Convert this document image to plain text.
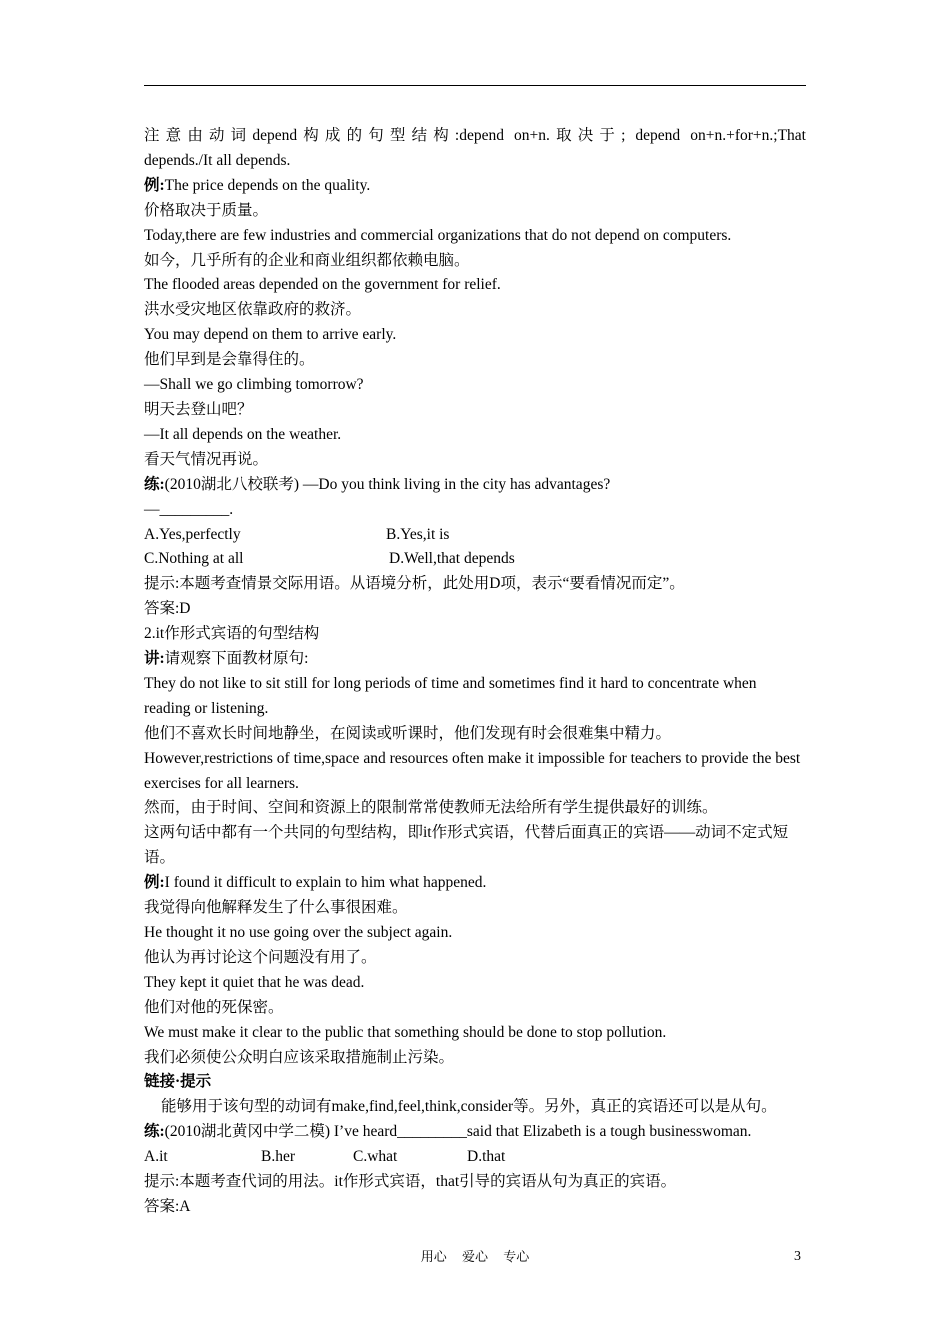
注意由动词depend构成的句型结构:depend on+n.取决于; depend on+n.+for+n.;That

depends./It all depends.

例:The price depends on the quality.

价格取决于质量。

Today,there are few industries and commercial organizations that do not depend on computers.

如今，几乎所有的企业和商业组织都依赖电脑。

The flooded areas depended on the government for relief.

洪水受灾地区依靠政府的救济。

You may depend on them to arrive early.

他们早到是会靠得住的。

—Shall we go climbing tomorrow?

明天去登山吧？

—It all depends on the weather.

看天气情况再说。

练:(2010湖北八校联考) —Do you think living in the city has advantages?

—_________.

A.Yes,perfectly	B.Yes,it is

C.Nothing at all	D.Well,that depends

提示:本题考查情景交际用语。从语境分析，此处用D项，表示“要看情况而定”。

答案:D

2.it作形式宾语的句型结构

讲:请观察下面教材原句:

They do not like to sit still for long periods of time and sometimes find it hard to concentrate when reading or listening.

他们不喜欢长时间地静坐，在阅读或听课时，他们发现有时会很难集中精力。

However,restrictions of time,space and resources often make it impossible for teachers to provide the best exercises for all learners.

然而，由于时间、空间和资源上的限制常常使教师无法给所有学生提供最好的训练。

这两句话中都有一个共同的句型结构，即it作形式宾语，代替后面真正的宾语——动词不定式短语。

例:I found it difficult to explain to him what happened.

我觉得向他解释发生了什么事很困难。

He thought it no use going over the subject again.

他认为再讨论这个问题没有用了。

They kept it quiet that he was dead.

他们对他的死保密。

We must make it clear to the public that something should be done to stop pollution.

我们必须使公众明白应该采取措施制止污染。

链接·提示

能够用于该句型的动词有make,find,feel,think,consider等。另外，真正的宾语还可以是从句。

练:(2010湖北黄冈中学二模) I’ve heard_________said that Elizabeth is a tough businesswoman.

A.it	B.her	C.what	D.that

提示:本题考查代词的用法。it作形式宾语，that引导的宾语从句为真正的宾语。

答案:A

用心 爱心 专心	3
